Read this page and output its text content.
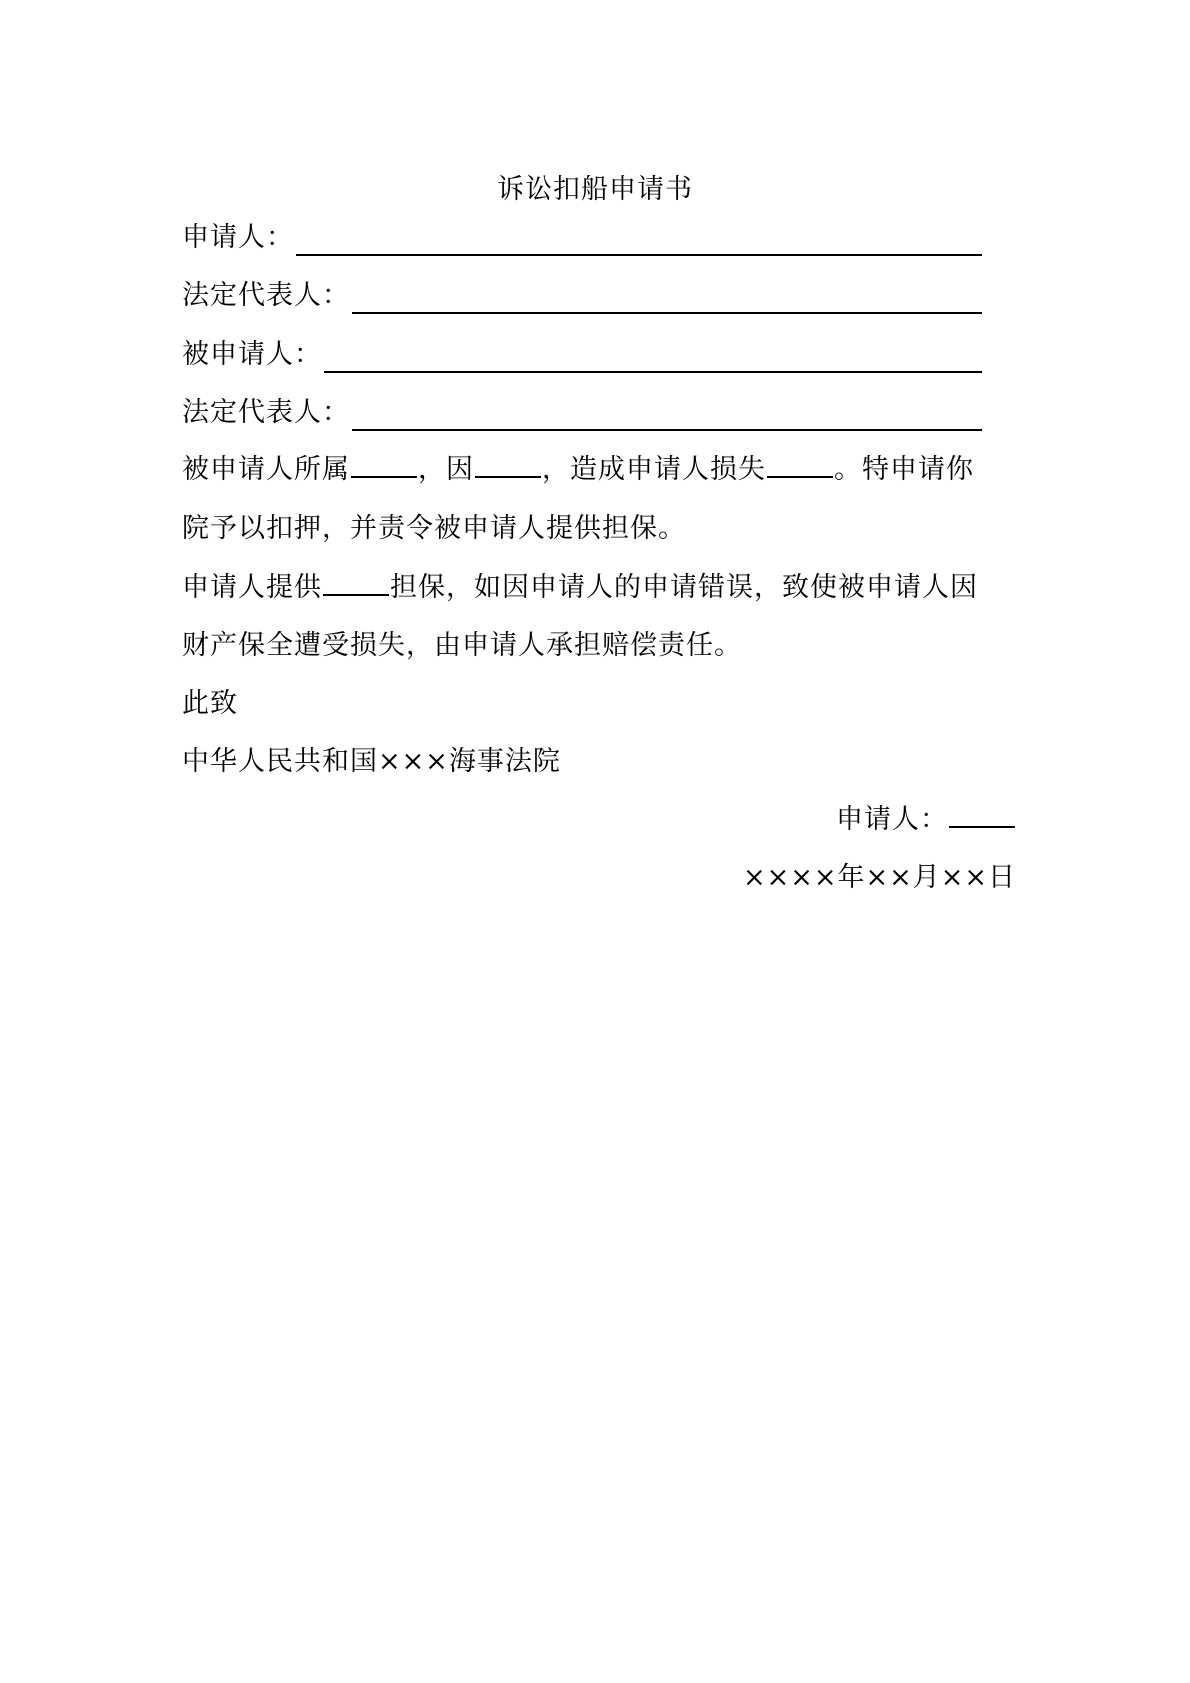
诉讼扣船申请书
申请人：
法定代表人：
被申请人：
法定代表人：
被申请人所属	，因	，造成申请人损失	。特申请你
院予以扣押，并责令被申请人提供担保。
申请人提供	担保，如因申请人的申请错误，致使被申请人因
财产保全遭受损失，由申请人承担赔偿责任。
此致
中华人民共和国×××海事法院
申请人：
××××年××月××日
